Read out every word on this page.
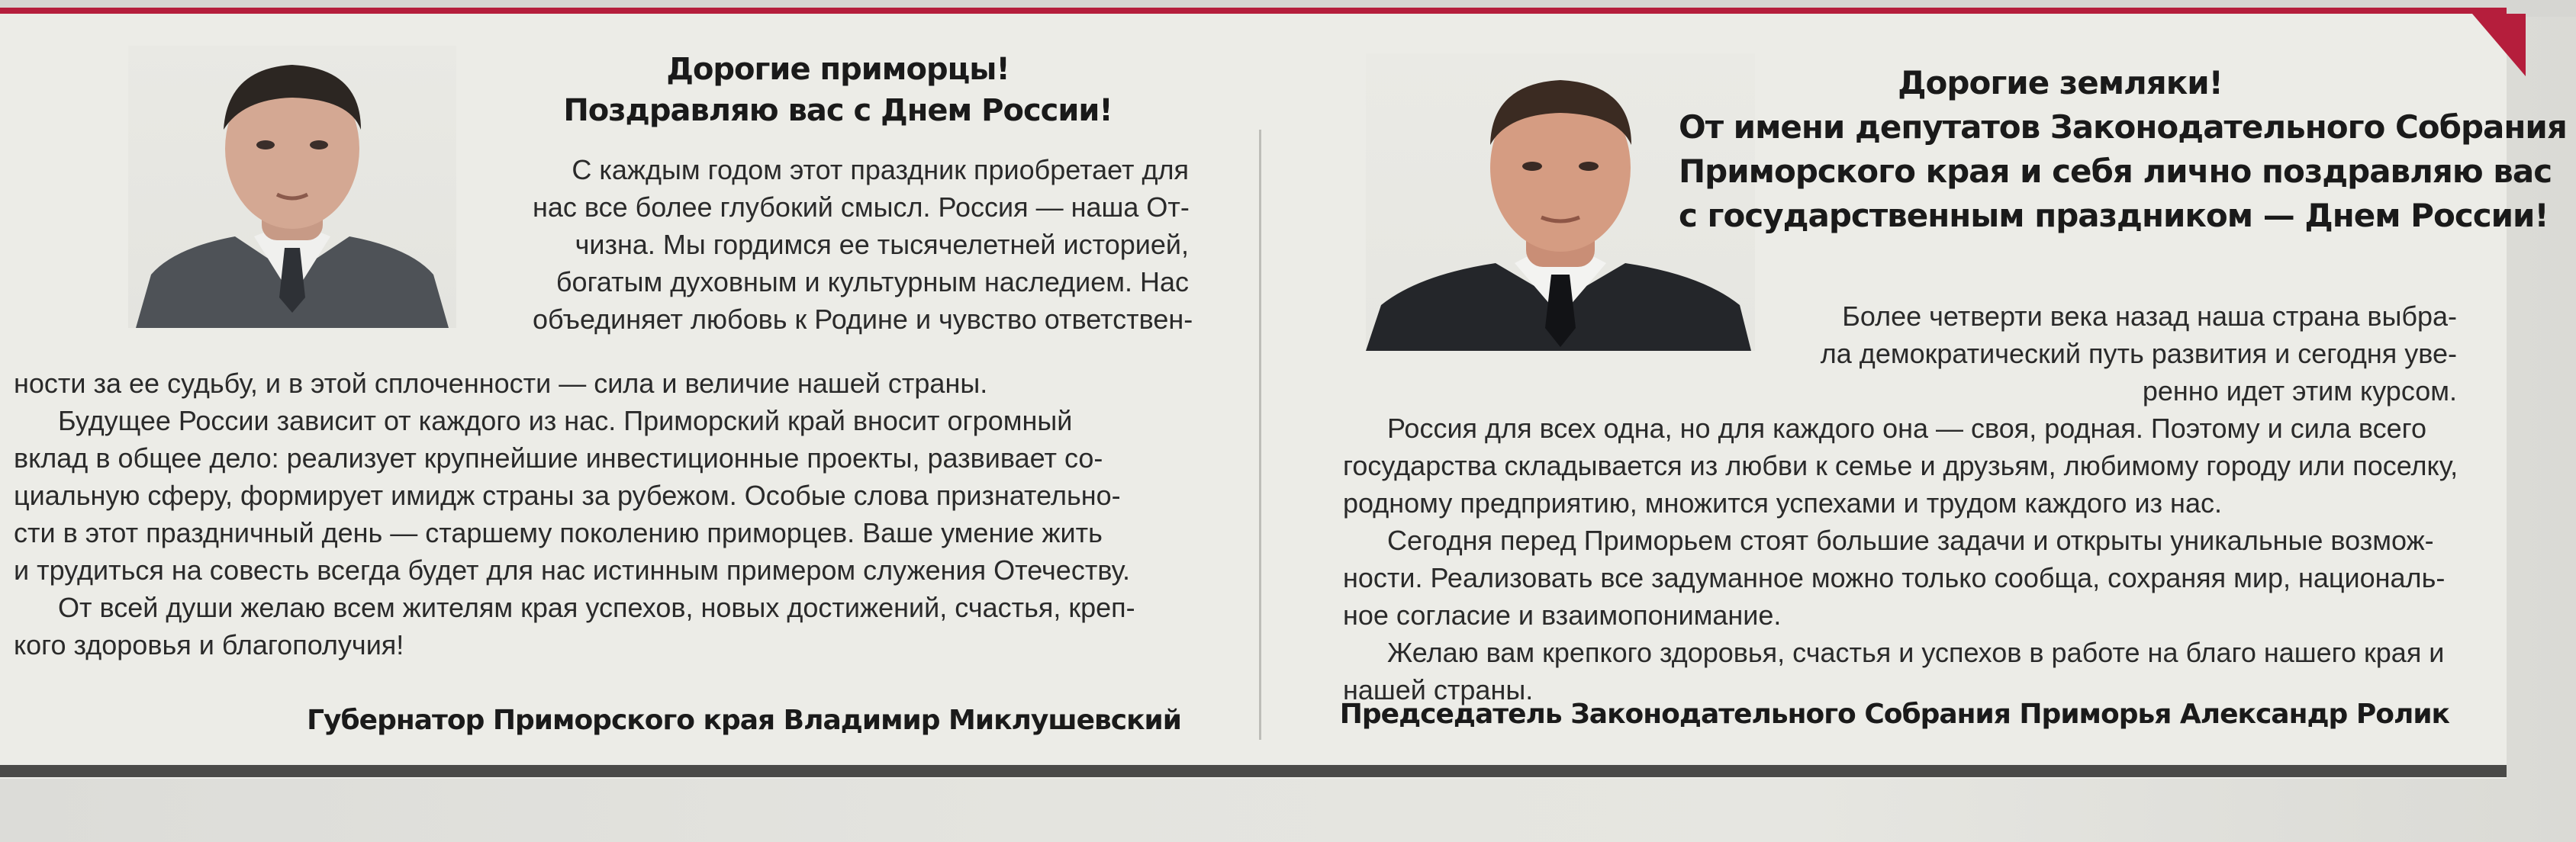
Дорогие приморцы!
Поздравляю вас с Днем России!
С каждым годом этот праздник приобретает для
нас все более глубокий смысл. Россия — наша От-
чизна. Мы гордимся ее тысячелетней историей,
богатым духовным и культурным наследием. Нас
объединяет любовь к Родине и чувство ответствен-
ности за ее судьбу, и в этой сплоченности — сила и величие нашей страны.
Будущее России зависит от каждого из нас. Приморский край вносит огромный
вклад в общее дело: реализует крупнейшие инвестиционные проекты, развивает со-
циальную сферу, формирует имидж страны за рубежом. Особые слова признательно-
сти в этот праздничный день — старшему поколению приморцев. Ваше умение жить
и трудиться на совесть всегда будет для нас истинным примером служения Отечеству.
От всей души желаю всем жителям края успехов, новых достижений, счастья, креп-
кого здоровья и благополучия!
Губернатор Приморского края Владимир Миклушевский
Дорогие земляки!
От имени депутатов Законодательного Собрания
Приморского края и себя лично поздравляю вас
с государственным праздником — Днем России!
Более четверти века назад наша страна выбра-
ла демократический путь развития и сегодня уве-
ренно идет этим курсом.
Россия для всех одна, но для каждого она — своя, родная. Поэтому и сила всего
государства складывается из любви к семье и друзьям, любимому городу или поселку,
родному предприятию, множится успехами и трудом каждого из нас.
Сегодня перед Приморьем стоят большие задачи и открыты уникальные возмож-
ности. Реализовать все задуманное можно только сообща, сохраняя мир, националь-
ное согласие и взаимопонимание.
Желаю вам крепкого здоровья, счастья и успехов в работе на благо нашего края и
нашей страны.
Председатель Законодательного Собрания Приморья Александр Ролик
